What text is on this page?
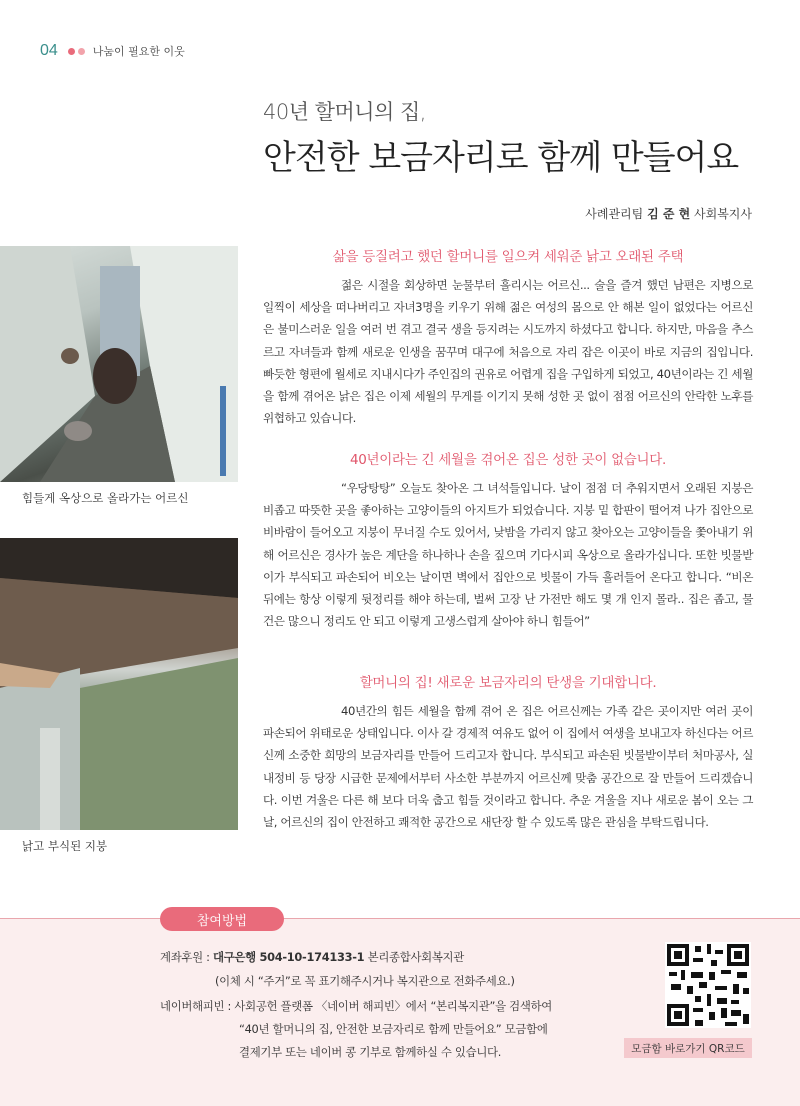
04	나눔이 필요한 이웃
40년 할머니의 집,
안전한 보금자리로 함께 만들어요
사례관리팀 김 준 현 사회복지사
힘들게 옥상으로 올라가는 어르신
낡고 부식된 지붕
삶을 등질려고 했던 할머니를 일으켜 세워준 낡고 오래된 주택

젊은 시절을 회상하면 눈물부터 흘리시는 어르신... 술을 즐겨 했던 남편은 지병으로 일찍이 세상을 떠나버리고 자녀3명을 키우기 위해 젊은 여성의 몸으로 안 해본 일이 없었다는 어르신은 불미스러운 일을 여러 번 겪고 결국 생을 등지려는 시도까지 하셨다고 합니다. 하지만, 마음을 추스르고 자녀들과 함께 새로운 인생을 꿈꾸며 대구에 처음으로 자리 잡은 이곳이 바로 지금의 집입니다. 빠듯한 형편에 월세로 지내시다가 주인집의 권유로 어렵게 집을 구입하게 되었고, 40년이라는 긴 세월을 함께 겪어온 낡은 집은 이제 세월의 무게를 이기지 못해 성한 곳 없이 점점 어르신의 안락한 노후를 위협하고 있습니다.

40년이라는 긴 세월을 겪어온 집은 성한 곳이 없습니다.

“우당탕탕” 오늘도 찾아온 그 녀석들입니다. 날이 점점 더 추워지면서 오래된 지붕은 비좁고 따뜻한 곳을 좋아하는 고양이들의 아지트가 되었습니다. 지붕 밑 합판이 떨어져 나가 집안으로 비바람이 들어오고 지붕이 무너질 수도 있어서, 낮밤을 가리지 않고 찾아오는 고양이들을 쫓아내기 위해 어르신은 경사가 높은 계단을 하나하나 손을 짚으며 기다시피 옥상으로 올라가십니다. 또한 빗물받이가 부식되고 파손되어 비오는 날이면 벽에서 집안으로 빗물이 가득 흘러들어 온다고 합니다. “비온 뒤에는 항상 이렇게 뒷정리를 해야 하는데, 벌써 고장 난 가전만 해도 몇 개 인지 몰라.. 집은 좁고, 물건은 많으니 정리도 안 되고 이렇게 고생스럽게 살아야 하니 힘들어”

할머니의 집! 새로운 보금자리의 탄생을 기대합니다.

40년간의 힘든 세월을 함께 겪어 온 집은 어르신께는 가족 같은 곳이지만 여러 곳이 파손되어 위태로운 상태입니다. 이사 갈 경제적 여유도 없어 이 집에서 여생을 보내고자 하신다는 어르신께 소중한 희망의 보금자리를 만들어 드리고자 합니다. 부식되고 파손된 빗물받이부터 처마공사, 실내정비 등 당장 시급한 문제에서부터 사소한 부분까지 어르신께 맞춤 공간으로 잘 만들어 드리겠습니다. 이번 겨울은 다른 해 보다 더욱 춥고 힘들 것이라고 합니다. 추운 겨울을 지나 새로운 봄이 오는 그 날, 어르신의 집이 안전하고 쾌적한 공간으로 새단장 할 수 있도록 많은 관심을 부탁드립니다.

참여방법
계좌후원 : 대구은행 504-10-174133-1 본리종합사회복지관
(이체 시 “주거”로 꼭 표기해주시거나 복지관으로 전화주세요.)
네이버해피빈 : 사회공헌 플랫폼 〈네이버 해피빈〉에서 “본리복지관”을 검색하여
“40년 할머니의 집, 안전한 보금자리로 함께 만들어요” 모금함에
결제기부 또는 네이버 콩 기부로 함께하실 수 있습니다.	모금함 바로가기 QR코드
